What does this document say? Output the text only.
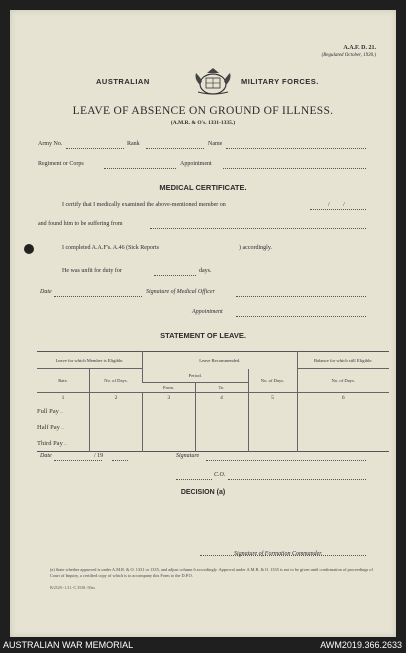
A.A.F. D. 21.
(Regulated October, 1930.)
AUSTRALIAN	MILITARY FORCES.
LEAVE OF ABSENCE ON GROUND OF ILLNESS.
(A.M.R. & O's. 1331-1335.)
Army No.	Rank	Name
Regiment or Corps	Appointment
MEDICAL CERTIFICATE.
I certify that I medically examined the above-mentioned member on	/ /
and found him to be suffering from
I completed A.A.F's. A.46 (Sick Reports	) accordingly.
He was unfit for duty for	days.
Date	Signature of Medical Officer
Appointment
STATEMENT OF LEAVE.
Leave for which Member is Eligible.		Leave Recommended.			Balance for which still Eligible.
Rate.	No. of Days.	Period.		No. of Days.	No. of Days.
		From.	To.		
1	2	3	4	5	6
Full Pay ...					
Half Pay ...					
Third Pay ...					
Date	/ 19	Signature
C.O.
DECISION (a)
Signature of Formation Commander.
(a) State whether approved is under A.M.R. & O. 1331 or 1335, and adjust column 6 accordingly. Approval under A.M.R. & O. 1335 is not to be given until confirmation of proceedings of Court of Inquiry, a certified copy of which is to accompany this Form to the D.P.O.
B/2529.-1.31.-C.3538.-50m.
AUSTRALIAN WAR MEMORIAL	AWM2019.366.2633
